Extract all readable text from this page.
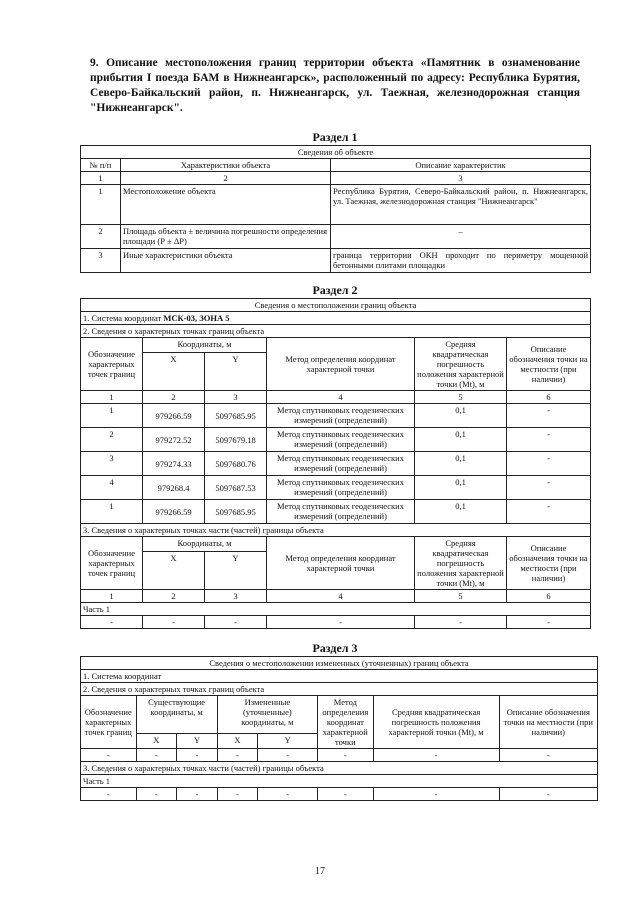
9. Описание местоположения границ территории объекта «Памятник в ознаменование прибытия I поезда БАМ в Нижнеангарск», расположенный по адресу: Республика Бурятия, Северо-Байкальский район, п. Нижнеангарск, ул. Таежная, железнодорожная станция "Нижнеангарск".
Раздел 1
Сведения об объекте		
№ п/п	Характеристики объекта	Описание характеристик
1	2	3
1	Местоположение объекта	Республика Бурятия, Северо-Байкальский район, п. Нижнеангарск, ул. Таежная, железнодорожная станция "Нижнеангарск"
2	Площадь объекта ± величина погрешности определения площади (Р ± ΔР)	–
3	Иные характеристики объекта	граница территории ОКН проходит по периметру мощенной бетонными плитами площадки
Раздел 2
Сведения о местоположении границ объекта					
1. Система координат МСК-03, ЗОНА 5					
2. Сведения о характерных точках границ объекта					
Обозначение характерных точек границ	Координаты, м		Метод определения координат характерной точки	Средняя квадратическая погрешность положения характерной точки (Mt), м	Описание обозначения точки на местности (при наличии)
	X	Y			
1	2	3	4	5	6
1	979266.59	5097685.95	Метод спутниковых геодезических измерений (определений)	0,1	-
2	979272.52	5097679.18	Метод спутниковых геодезических измерений (определений)	0,1	-
3	979274.33	5097680.76	Метод спутниковых геодезических измерений (определений)	0,1	-
4	979268.4	5097687.53	Метод спутниковых геодезических измерений (определений)	0,1	-
1	979266.59	5097685.95	Метод спутниковых геодезических измерений (определений)	0,1	-
3. Сведения о характерных точках части (частей) границы объекта					
Обозначение характерных точек границ	Координаты, м		Метод определения координат характерной точки	Средняя квадратическая погрешность положения характерной точки (Mt), м	Описание обозначения точки на местности (при наличии)
	X	Y			
1	2	3	4	5	6
Часть 1					
-	-	-	-	-	-
Раздел 3
Сведения о местоположении измененных (уточненных) границ объекта							
1. Система координат							
2. Сведения о характерных точках границ объекта							
Обозначение характерных точек границ	Существующие координаты, м		Измененные (уточненные) координаты, м		Метод определения координат характерной точки	Средняя квадратическая погрешность положения характерной точки (Mt), м	Описание обозначения точки на местности (при наличии)
	X	Y	X	Y			
-	-	-	-	-	-	-	-
3. Сведения о характерных точках части (частей) границы объекта							
Часть 1							
-	-	-	-	-	-	-	-
17
